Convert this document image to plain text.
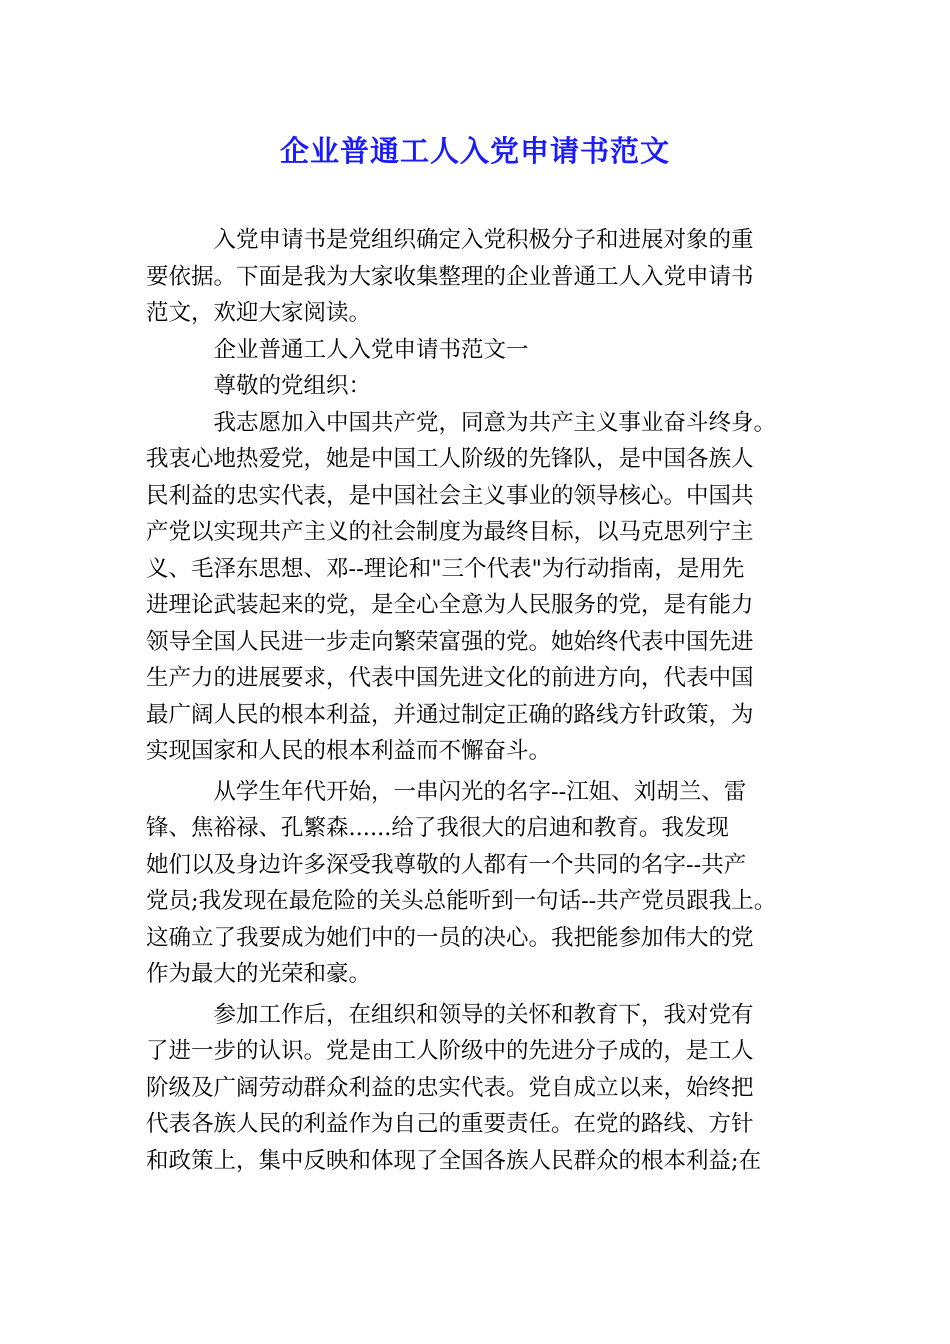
企业普通工人入党申请书范文

入党申请书是党组织确定入党积极分子和进展对象的重
要依据。下面是我为大家收集整理的企业普通工人入党申请书
范文，欢迎大家阅读。

企业普通工人入党申请书范文一

尊敬的党组织：

我志愿加入中国共产党，同意为共产主义事业奋斗终身。
我衷心地热爱党，她是中国工人阶级的先锋队，是中国各族人
民利益的忠实代表，是中国社会主义事业的领导核心。中国共
产党以实现共产主义的社会制度为最终目标，以马克思列宁主
义、毛泽东思想、邓--理论和"三个代表"为行动指南，是用先
进理论武装起来的党，是全心全意为人民服务的党，是有能力
领导全国人民进一步走向繁荣富强的党。她始终代表中国先进
生产力的进展要求，代表中国先进文化的前进方向，代表中国
最广阔人民的根本利益，并通过制定正确的路线方针政策，为
实现国家和人民的根本利益而不懈奋斗。

从学生年代开始，一串闪光的名字--江姐、刘胡兰、雷
锋、焦裕禄、孔繁森......给了我很大的启迪和教育。我发现
她们以及身边许多深受我尊敬的人都有一个共同的名字--共产
党员;我发现在最危险的关头总能听到一句话--共产党员跟我上。
这确立了我要成为她们中的一员的决心。我把能参加伟大的党
作为最大的光荣和豪。

参加工作后，在组织和领导的关怀和教育下，我对党有
了进一步的认识。党是由工人阶级中的先进分子成的，是工人
阶级及广阔劳动群众利益的忠实代表。党自成立以来，始终把
代表各族人民的利益作为自己的重要责任。在党的路线、方针
和政策上，集中反映和体现了全国各族人民群众的根本利益;在
